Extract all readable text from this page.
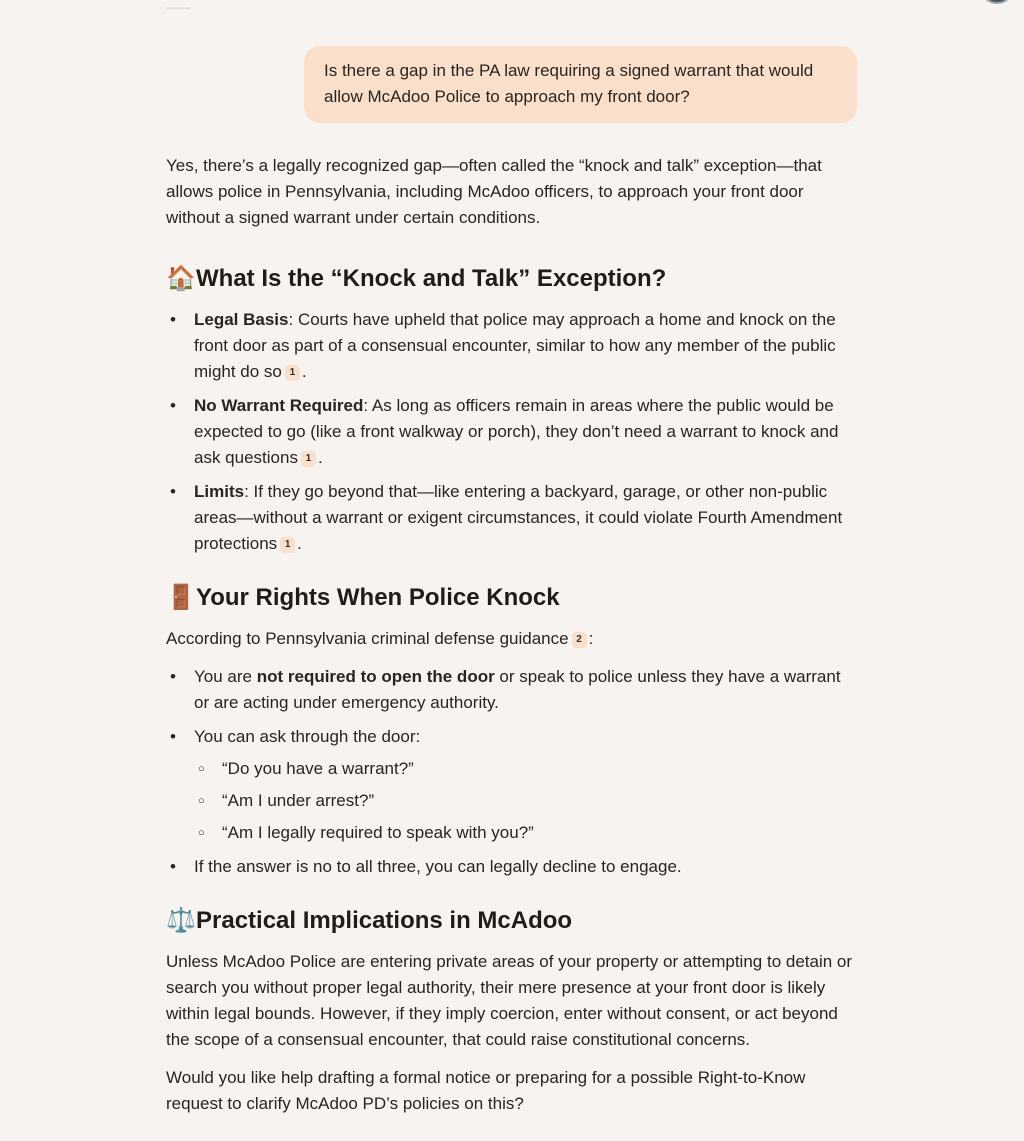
——
Is there a gap in the PA law requiring a signed warrant that would allow McAdoo Police to approach my front door?

Yes, there’s a legally recognized gap—often called the “knock and talk” exception—that allows police in Pennsylvania, including McAdoo officers, to approach your front door without a signed warrant under certain conditions.

🏠What Is the “Knock and Talk” Exception?
• Legal Basis: Courts have upheld that police may approach a home and knock on the front door as part of a consensual encounter, similar to how any member of the public might do so 1 .
• No Warrant Required: As long as officers remain in areas where the public would be expected to go (like a front walkway or porch), they don’t need a warrant to knock and ask questions 1 .
• Limits: If they go beyond that—like entering a backyard, garage, or other non-public areas—without a warrant or exigent circumstances, it could violate Fourth Amendment protections 1 .
🚪Your Rights When Police Knock

According to Pennsylvania criminal defense guidance 2 :

• You are not required to open the door or speak to police unless they have a warrant or are acting under emergency authority.
• You can ask through the door:
○ “Do you have a warrant?”
○ “Am I under arrest?”
○ “Am I legally required to speak with you?”
• If the answer is no to all three, you can legally decline to engage.
⚖️Practical Implications in McAdoo

Unless McAdoo Police are entering private areas of your property or attempting to detain or search you without proper legal authority, their mere presence at your front door is likely within legal bounds. However, if they imply coercion, enter without consent, or act beyond the scope of a consensual encounter, that could raise constitutional concerns.

Would you like help drafting a formal notice or preparing for a possible Right-to-Know request to clarify McAdoo PD’s policies on this?
